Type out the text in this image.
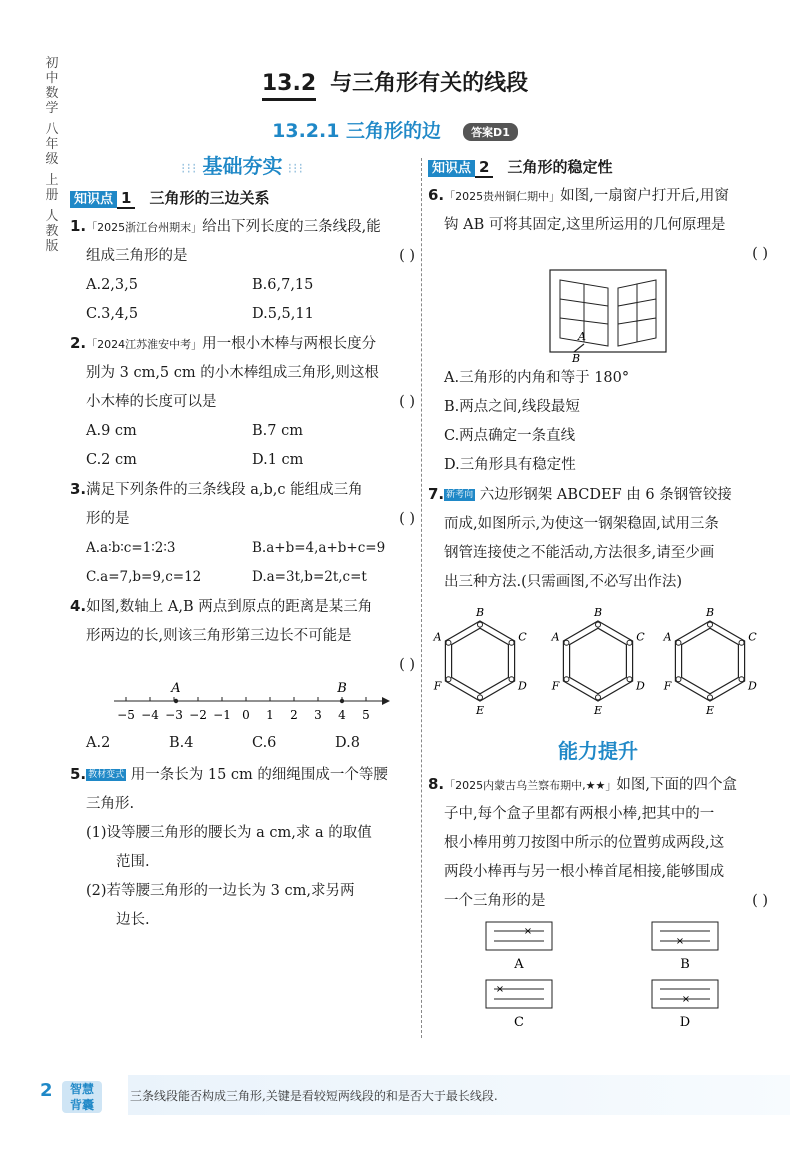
初中数学
八年级
上册
人教版
13.2 与三角形有关的线段
13.2.1 三角形的边	答案D1
⁝⁝⁝ 基础夯实 ⁝⁝⁝
知识点 1 三角形的三边关系
1.「2025浙江台州期末」给出下列长度的三条线段,能
组成三角形的是	( )
A.2,3,5	B.6,7,15
C.3,4,5	D.5,5,11
2.「2024江苏淮安中考」用一根小木棒与两根长度分
别为 3 cm,5 cm 的小木棒组成三角形,则这根
小木棒的长度可以是	( )
A.9 cm	B.7 cm
C.2 cm	D.1 cm
3.满足下列条件的三条线段 a,b,c 能组成三角
形的是	( )
A.a∶b∶c=1∶2∶3	B.a+b=4,a+b+c=9
C.a=7,b=9,c=12	D.a=3t,b=2t,c=t
4.如图,数轴上 A,B 两点到原点的距离是某三角
形两边的长,则该三角形第三边长不可能是
( )
−5 −4 −3 −2 −1 0 1 2 3 4 5
A	B
A.2	B.4	C.6	D.8
5. 教材变式 用一条长为 15 cm 的细绳围成一个等腰
三角形.
(1)设等腰三角形的腰长为 a cm,求 a 的取值
范围.
(2)若等腰三角形的一边长为 3 cm,求另两
边长.
知识点 2 三角形的稳定性
6.「2025贵州铜仁期中」如图,一扇窗户打开后,用窗
钩 AB 可将其固定,这里所运用的几何原理是
( )
A
B
A.三角形的内角和等于 180°
B.两点之间,线段最短
C.两点确定一条直线
D.三角形具有稳定性
7. 新考向 六边形钢架 ABCDEF 由 6 条钢管铰接
而成,如图所示,为使这一钢架稳固,试用三条
钢管连接使之不能活动,方法很多,请至少画
出三种方法.(只需画图,不必写出作法)
B
C
D
E
F
A
B
C
D
E
F
A
B
C
D
E
F
A
能力提升
8.「2025内蒙古乌兰察布期中,★★」如图,下面的四个盒
子中,每个盒子里都有两根小棒,把其中的一
根小棒用剪刀按图中所示的位置剪成两段,这
两段小棒再与另一根小棒首尾相接,能够围成
一个三角形的是	( )
×
A
×
B
×
C
×
D
2	智慧
背囊
三条线段能否构成三角形,关键是看较短两线段的和是否大于最长线段.
